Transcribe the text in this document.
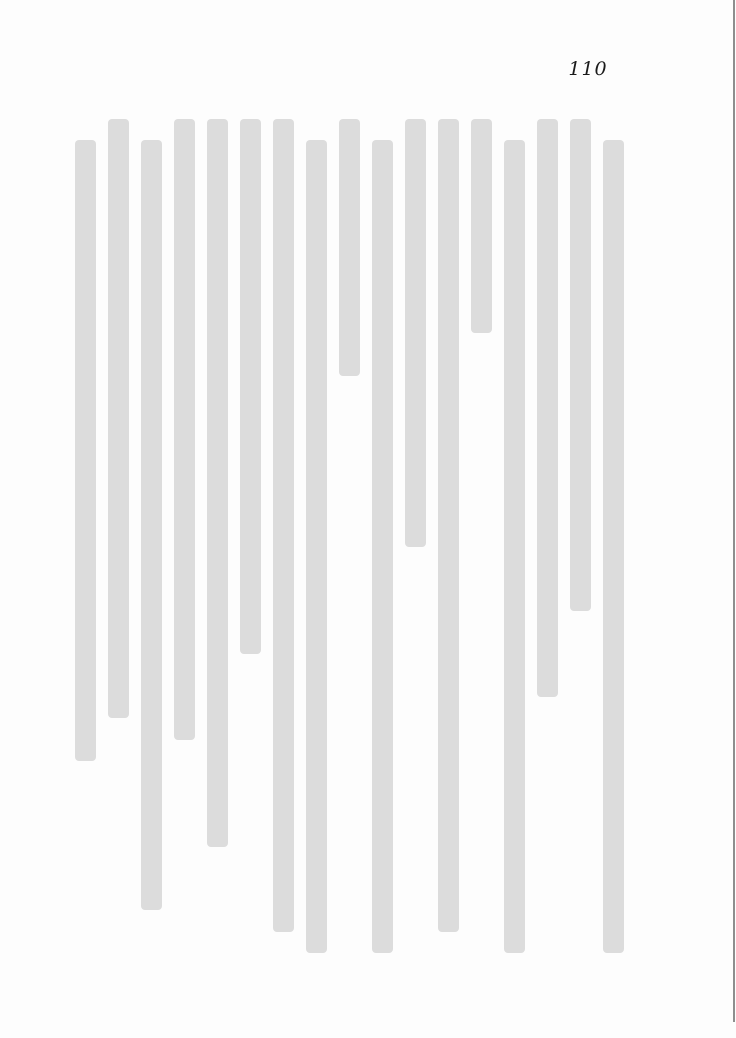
110
